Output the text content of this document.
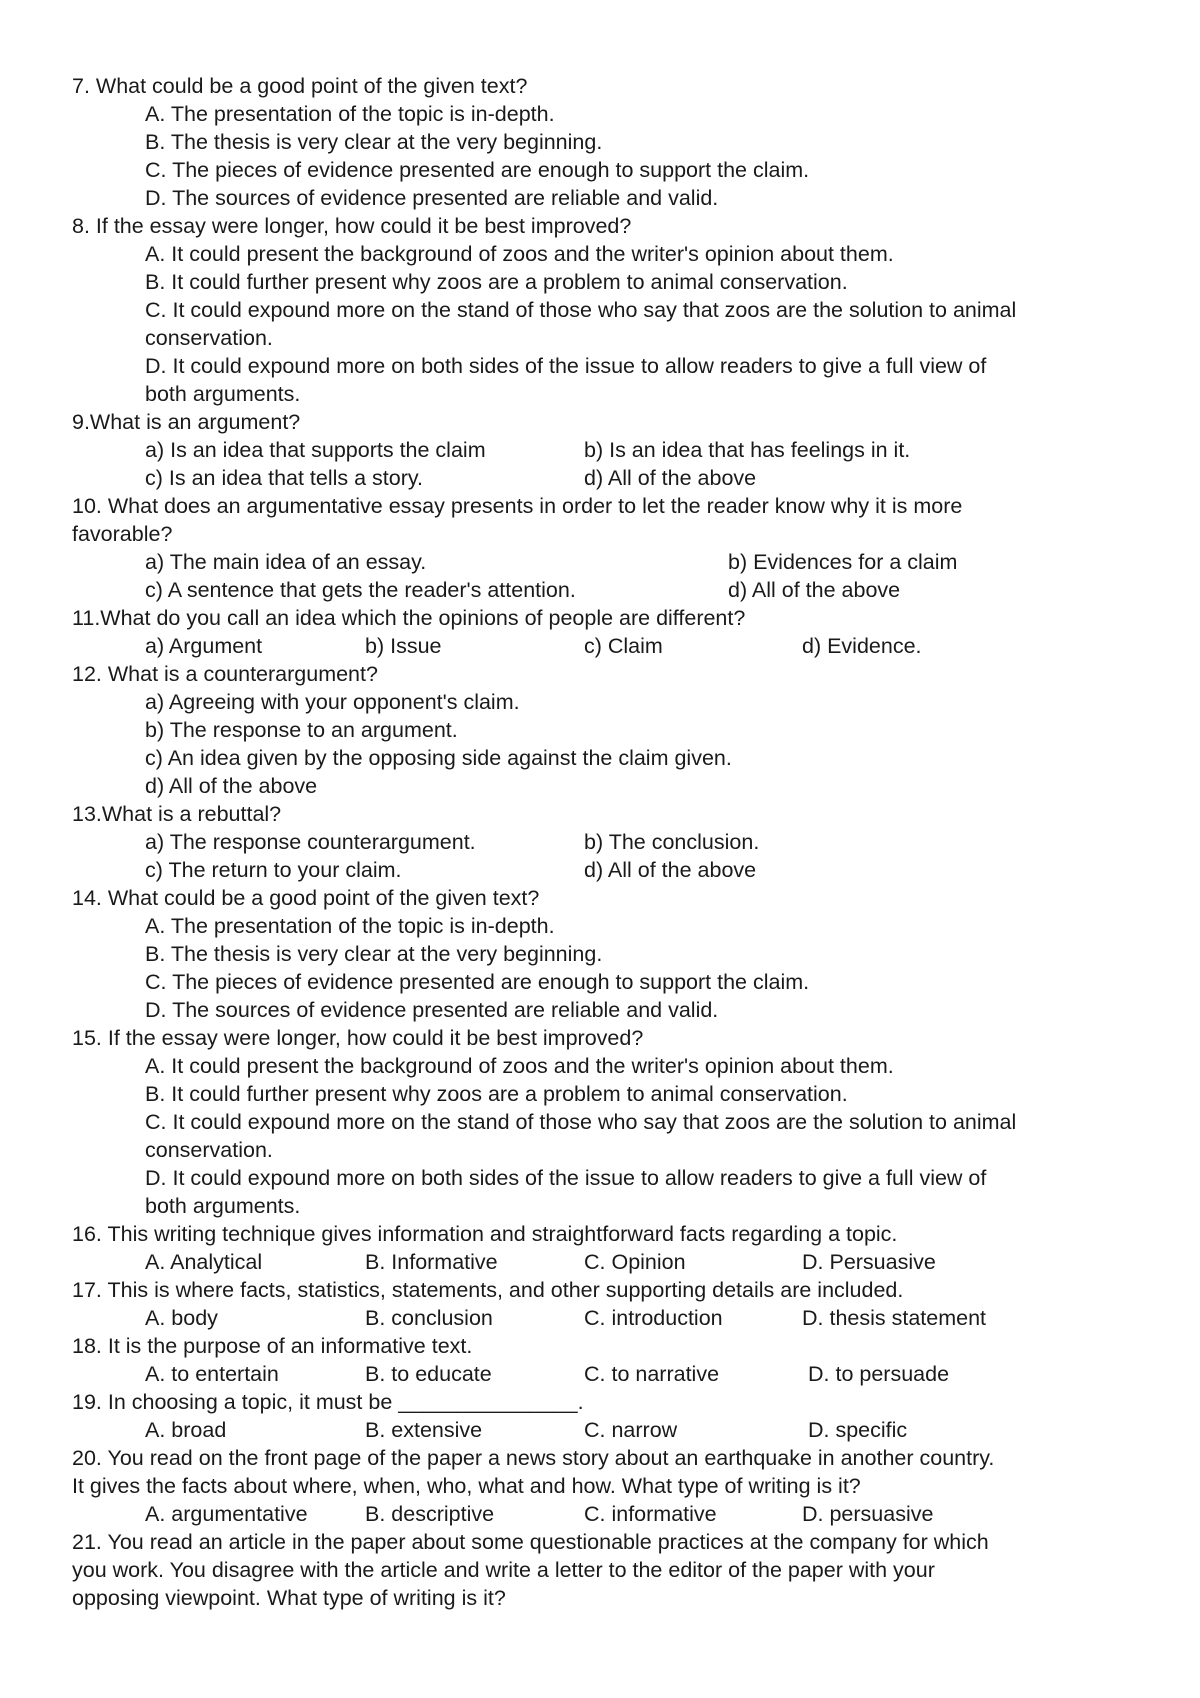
7. What could be a good point of the given text?
A. The presentation of the topic is in-depth.
B. The thesis is very clear at the very beginning.
C. The pieces of evidence presented are enough to support the claim.
D. The sources of evidence presented are reliable and valid.
8. If the essay were longer, how could it be best improved?
A. It could present the background of zoos and the writer's opinion about them.
B. It could further present why zoos are a problem to animal conservation.
C. It could expound more on the stand of those who say that zoos are the solution to animal
conservation.
D. It could expound more on both sides of the issue to allow readers to give a full view of
both arguments.
9.What is an argument?
a) Is an idea that supports the claim	b) Is an idea that has feelings in it.
c) Is an idea that tells a story.	d) All of the above
10. What does an argumentative essay presents in order to let the reader know why it is more
favorable?
a) The main idea of an essay.	b) Evidences for a claim
c) A sentence that gets the reader's attention.	d) All of the above
11.What do you call an idea which the opinions of people are different?
a) Argument	b) Issue	c) Claim	d) Evidence.
12. What is a counterargument?
a) Agreeing with your opponent's claim.
b) The response to an argument.
c) An idea given by the opposing side against the claim given.
d) All of the above
13.What is a rebuttal?
a) The response counterargument.	b) The conclusion.
c) The return to your claim.	d) All of the above
14. What could be a good point of the given text?
A. The presentation of the topic is in-depth.
B. The thesis is very clear at the very beginning.
C. The pieces of evidence presented are enough to support the claim.
D. The sources of evidence presented are reliable and valid.
15. If the essay were longer, how could it be best improved?
A. It could present the background of zoos and the writer's opinion about them.
B. It could further present why zoos are a problem to animal conservation.
C. It could expound more on the stand of those who say that zoos are the solution to animal
conservation.
D. It could expound more on both sides of the issue to allow readers to give a full view of
both arguments.
16. This writing technique gives information and straightforward facts regarding a topic.
A. Analytical	B. Informative	C. Opinion	D. Persuasive
17. This is where facts, statistics, statements, and other supporting details are included.
A. body	B. conclusion	C. introduction	D. thesis statement
18. It is the purpose of an informative text.
A. to entertain	B. to educate	C. to narrative	D. to persuade
19. In choosing a topic, it must be _______________.
A. broad	B. extensive	C. narrow	D. specific
20. You read on the front page of the paper a news story about an earthquake in another country.
It gives the facts about where, when, who, what and how. What type of writing is it?
A. argumentative	B. descriptive	C. informative	D. persuasive
21. You read an article in the paper about some questionable practices at the company for which
you work. You disagree with the article and write a letter to the editor of the paper with your
opposing viewpoint. What type of writing is it?
